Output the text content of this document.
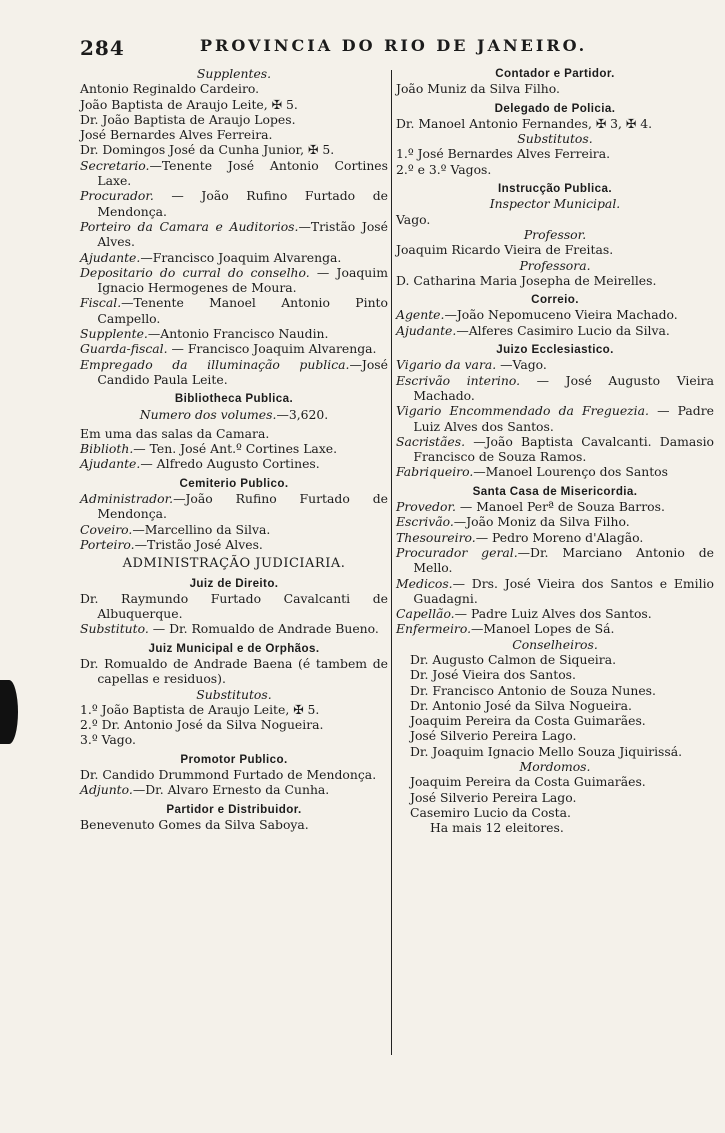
284	PROVINCIA DO RIO DE JANEIRO.

Supplentes.

Antonio Reginaldo Cardeiro.

João Baptista de Araujo Leite, ✠ 5.

Dr. João Baptista de Araujo Lopes.

José Bernardes Alves Ferreira.

Dr. Domingos José da Cunha Junior, ✠ 5.

Secretario.—Tenente José Antonio Cortines Laxe.

Procurador. — João Rufino Furtado de Mendonça.

Porteiro da Camara e Auditorios.—Tristão José Alves.

Ajudante.—Francisco Joaquim Alvarenga.

Depositario do curral do conselho. — Joaquim Ignacio Hermogenes de Moura.

Fiscal.—Tenente Manoel Antonio Pinto Campello.

Supplente.—Antonio Francisco Naudin.

Guarda-fiscal. — Francisco Joaquim Alvarenga.

Empregado da illuminação publica.—José Candido Paula Leite.

Bibliotheca Publica.

Numero dos volumes.—3,620.

Em uma das salas da Camara.

Biblioth.— Ten. José Ant.º Cortines Laxe.

Ajudante.— Alfredo Augusto Cortines.

Cemiterio Publico.

Administrador.—João Rufino Furtado de Mendonça.

Coveiro.—Marcellino da Silva.

Porteiro.—Tristão José Alves.

ADMINISTRAÇÃO JUDICIARIA.

Juiz de Direito.

Dr. Raymundo Furtado Cavalcanti de Albuquerque.

Substituto. — Dr. Romualdo de Andrade Bueno.

Juiz Municipal e de Orphãos.

Dr. Romualdo de Andrade Baena (é tambem de capellas e residuos).

Substitutos.

1.º João Baptista de Araujo Leite, ✠ 5.

2.º Dr. Antonio José da Silva Nogueira.

3.º Vago.

Promotor Publico.

Dr. Candido Drummond Furtado de Mendonça.

Adjunto.—Dr. Alvaro Ernesto da Cunha.

Partidor e Distribuidor.

Benevenuto Gomes da Silva Saboya.

Contador e Partidor.

João Muniz da Silva Filho.

Delegado de Policia.

Dr. Manoel Antonio Fernandes, ✠ 3, ✠ 4.

Substitutos.

1.º José Bernardes Alves Ferreira.

2.º e 3.º Vagos.

Instrucção Publica.

Inspector Municipal.

Vago.

Professor.

Joaquim Ricardo Vieira de Freitas.

Professora.

D. Catharina Maria Josepha de Meirelles.

Correio.

Agente.—João Nepomuceno Vieira Machado.

Ajudante.—Alferes Casimiro Lucio da Silva.

Juizo Ecclesiastico.

Vigario da vara. —Vago.

Escrivão interino. — José Augusto Vieira Machado.

Vigario Encommendado da Freguezia. — Padre Luiz Alves dos Santos.

Sacristães. —João Baptista Cavalcanti. Damasio Francisco de Souza Ramos.

Fabriqueiro.—Manoel Lourenço dos Santos

Santa Casa de Misericordia.

Provedor. — Manoel Perª de Souza Barros.

Escrivão.—João Moniz da Silva Filho.

Thesoureiro.— Pedro Moreno d'Alagão.

Procurador geral.—Dr. Marciano Antonio de Mello.

Medicos.— Drs. José Vieira dos Santos e Emilio Guadagni.

Capellão.— Padre Luiz Alves dos Santos.

Enfermeiro.—Manoel Lopes de Sá.

Conselheiros.

Dr. Augusto Calmon de Siqueira.

Dr. José Vieira dos Santos.

Dr. Francisco Antonio de Souza Nunes.

Dr. Antonio José da Silva Nogueira.

Joaquim Pereira da Costa Guimarães.

José Silverio Pereira Lago.

Dr. Joaquim Ignacio Mello Souza Jiquirissá.

Mordomos.

Joaquim Pereira da Costa Guimarães.

José Silverio Pereira Lago.

Casemiro Lucio da Costa.

Ha mais 12 eleitores.
